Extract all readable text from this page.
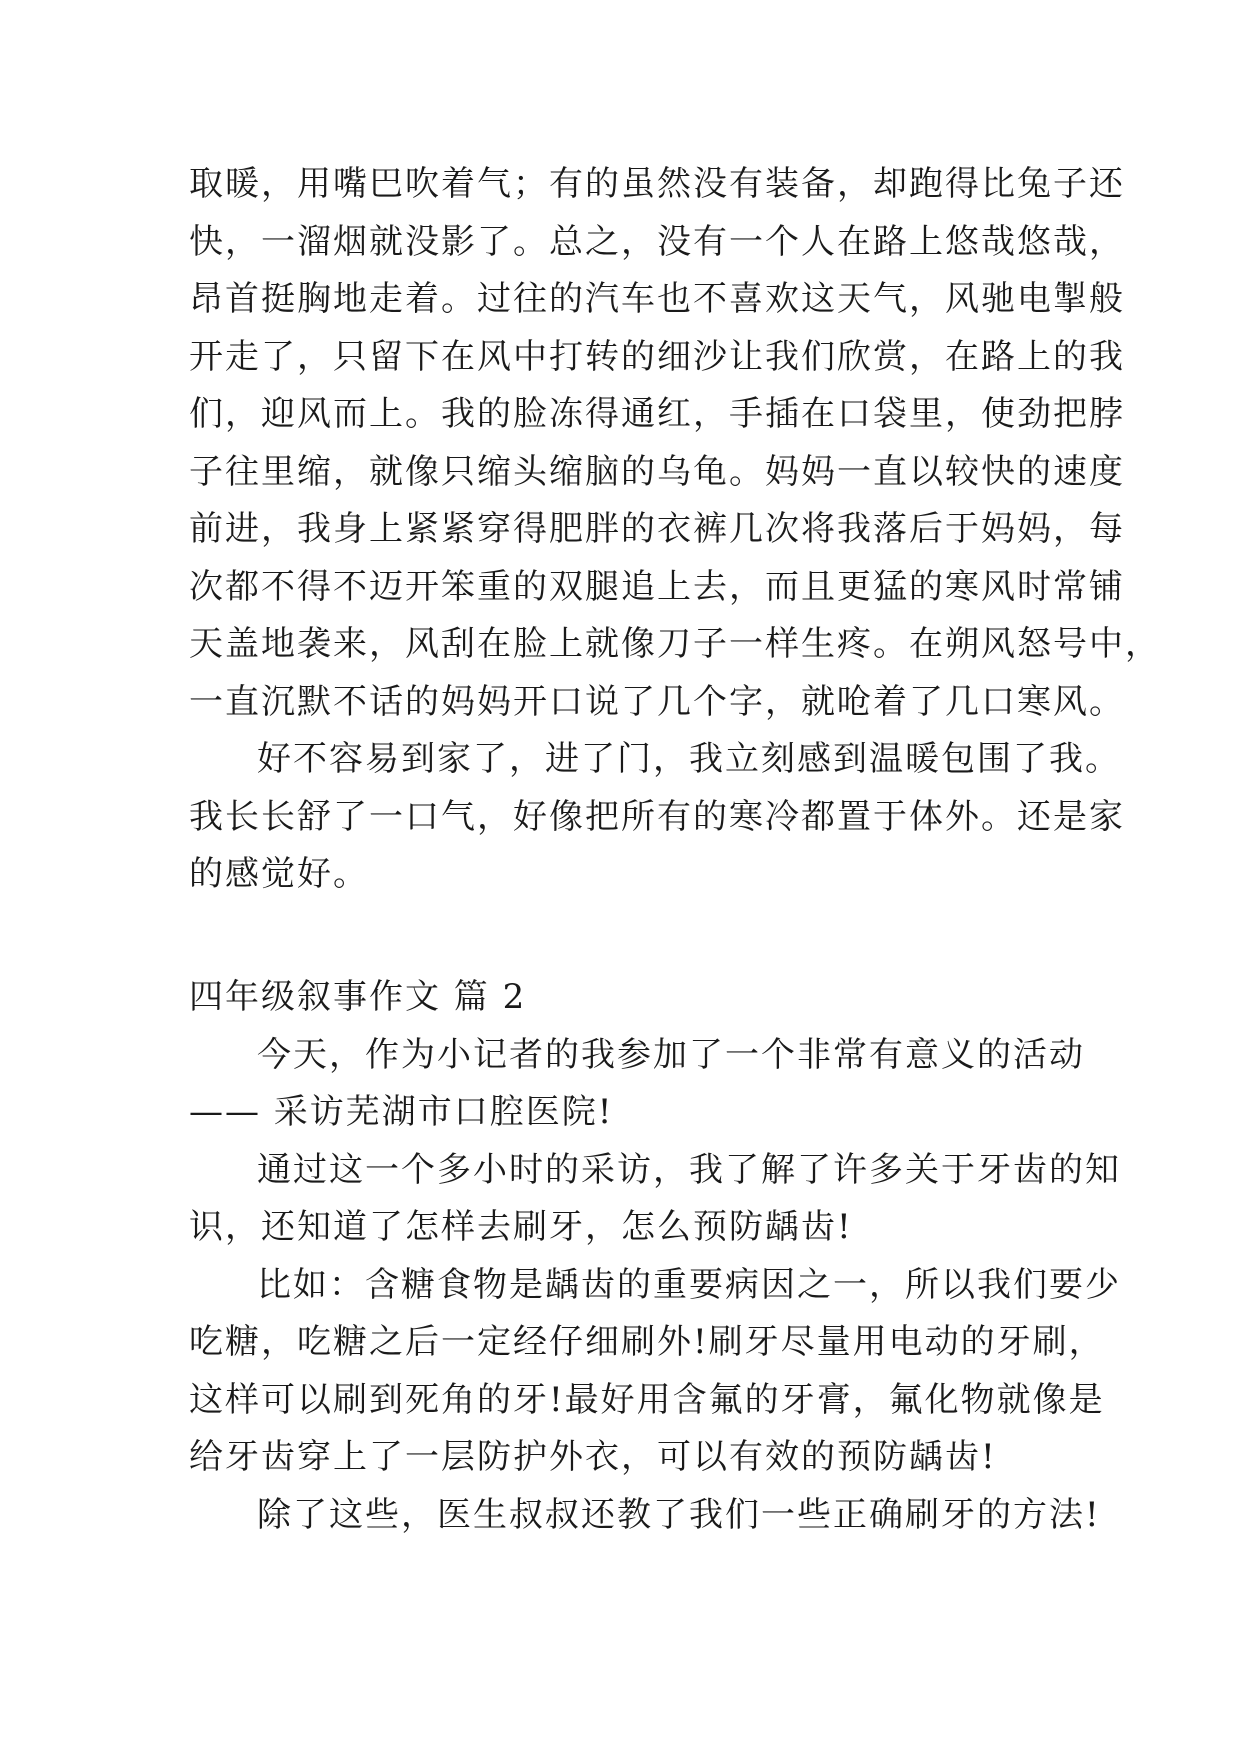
取暖，用嘴巴吹着气；有的虽然没有装备，却跑得比兔子还
快，一溜烟就没影了。总之，没有一个人在路上悠哉悠哉，
昂首挺胸地走着。过往的汽车也不喜欢这天气，风驰电掣般
开走了，只留下在风中打转的细沙让我们欣赏，在路上的我
们，迎风而上。我的脸冻得通红，手插在口袋里，使劲把脖
子往里缩，就像只缩头缩脑的乌龟。妈妈一直以较快的速度
前进，我身上紧紧穿得肥胖的衣裤几次将我落后于妈妈，每
次都不得不迈开笨重的双腿追上去，而且更猛的寒风时常铺
天盖地袭来，风刮在脸上就像刀子一样生疼。在朔风怒号中，
一直沉默不话的妈妈开口说了几个字，就呛着了几口寒风。
好不容易到家了，进了门，我立刻感到温暖包围了我。
我长长舒了一口气，好像把所有的寒冷都置于体外。还是家
的感觉好。
四年级叙事作文 篇 2
今天，作为小记者的我参加了一个非常有意义的活动
—— 采访芜湖市口腔医院!
通过这一个多小时的采访，我了解了许多关于牙齿的知
识，还知道了怎样去刷牙，怎么预防龋齿!
比如：含糖食物是龋齿的重要病因之一，所以我们要少
吃糖，吃糖之后一定经仔细刷外!刷牙尽量用电动的牙刷，
这样可以刷到死角的牙!最好用含氟的牙膏，氟化物就像是
给牙齿穿上了一层防护外衣，可以有效的预防龋齿!
除了这些，医生叔叔还教了我们一些正确刷牙的方法!
